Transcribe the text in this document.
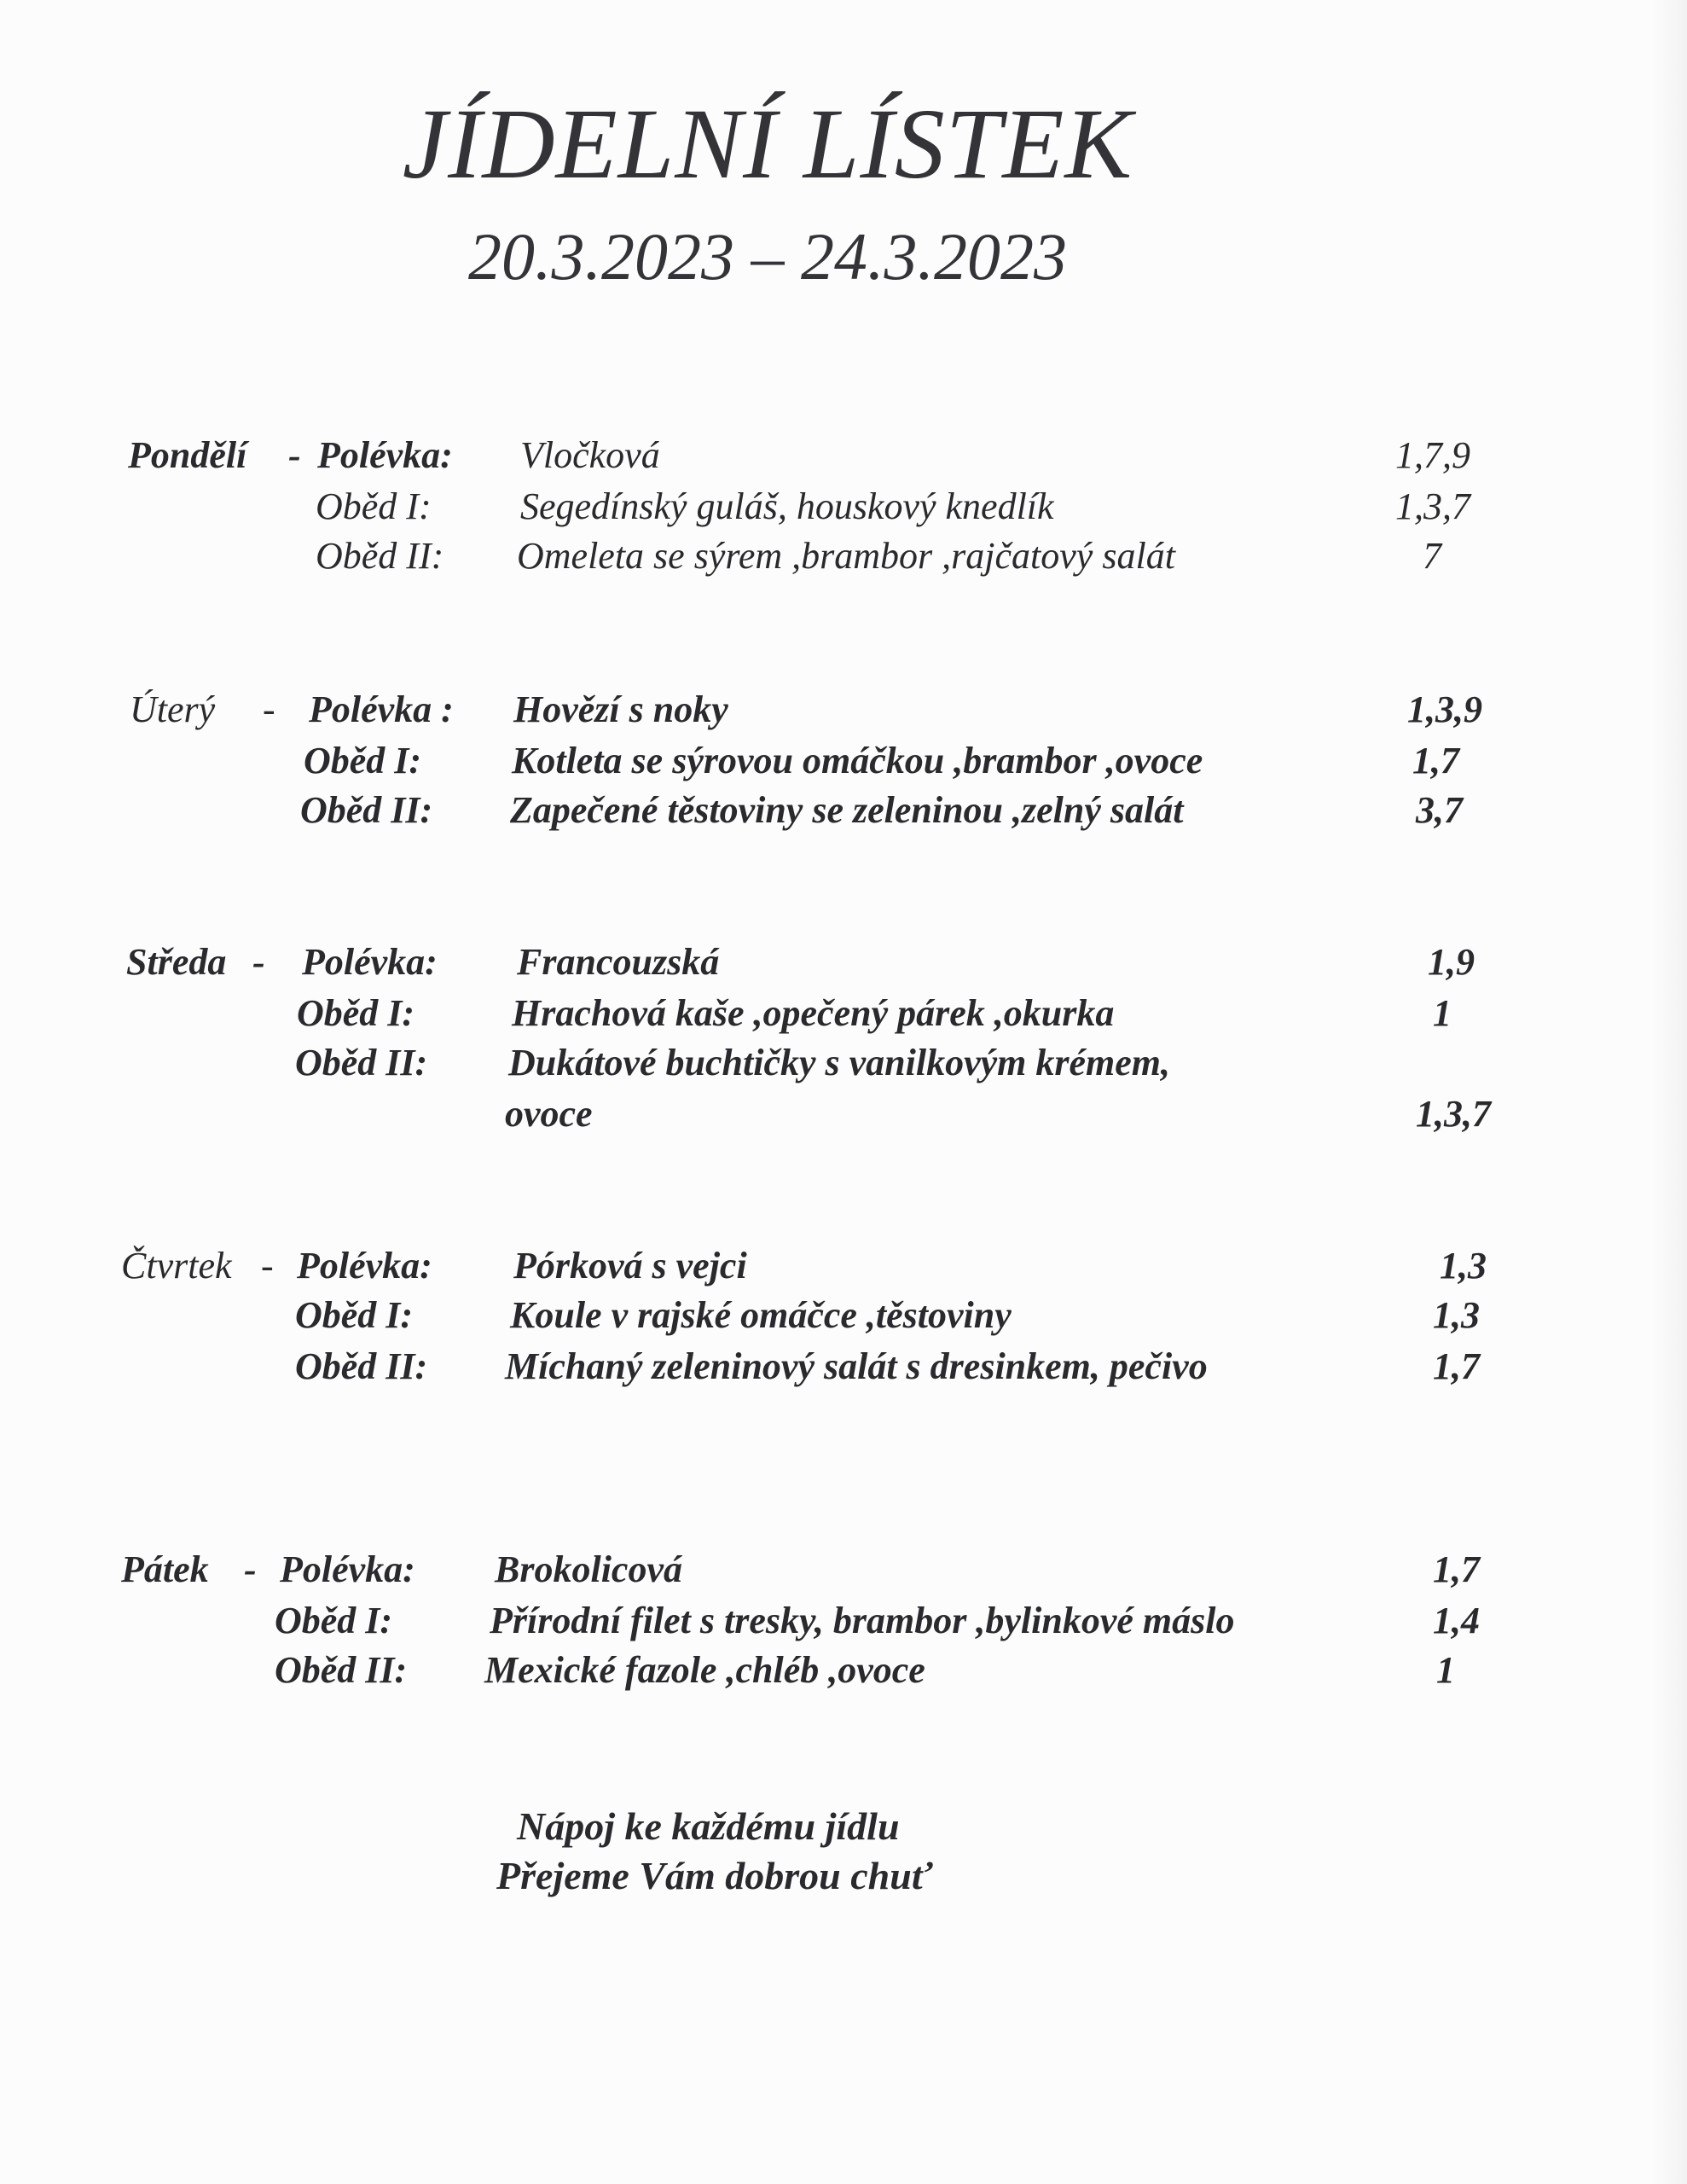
JÍDELNÍ LÍSTEK
20.3.2023 – 24.3.2023
Pondělí - Polévka: Vločková	1,7,9
Oběd I: Segedínský guláš, houskový knedlík	1,3,7
Oběd II: Omeleta se sýrem ,brambor ,rajčatový salát	7
Úterý - Polévka : Hovězí s noky	1,3,9
Oběd I: Kotleta se sýrovou omáčkou ,brambor ,ovoce	1,7
Oběd II: Zapečené těstoviny se zeleninou ,zelný salát	3,7
Středa - Polévka: Francouzská	1,9
Oběd I:	Hrachová kaše ,opečený párek ,okurka	1
Oběd II: Dukátové buchtičky s vanilkovým krémem,
ovoce	1,3,7
Čtvrtek - Polévka: Pórková s vejci	1,3
Oběd I:	Koule v rajské omáčce ,těstoviny	1,3
Oběd II: Míchaný zeleninový salát s dresinkem, pečivo	1,7
Pátek - Polévka: Brokolicová	1,7
Oběd I:	Přírodní filet s tresky, brambor ,bylinkové máslo	1,4
Oběd II: Mexické fazole ,chléb ,ovoce	1
Nápoj ke každému jídlu
Přejeme Vám dobrou chuť
